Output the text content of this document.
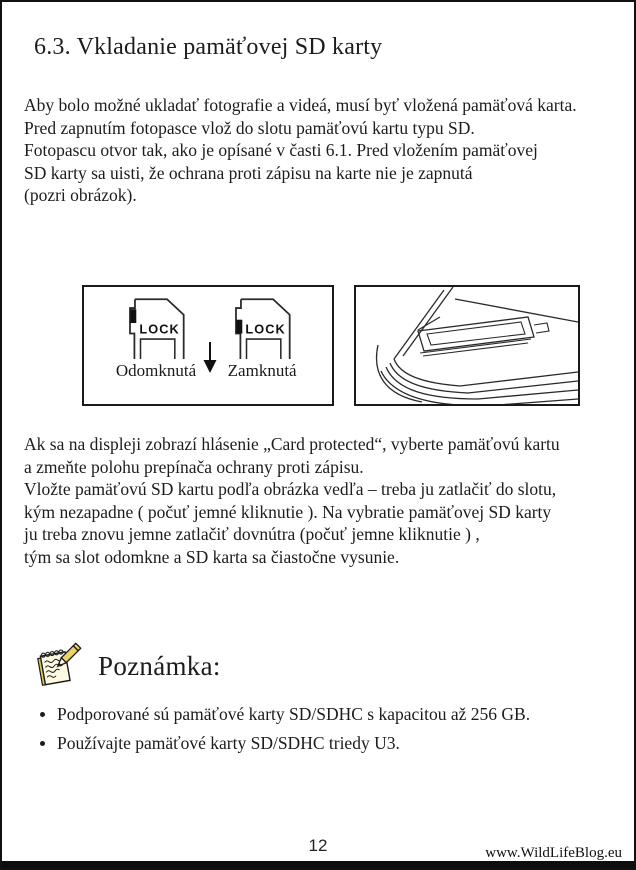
6.3. Vkladanie pamäťovej SD karty
Aby bolo možné ukladať fotografie a videá, musí byť vložená pamäťová karta.
Pred zapnutím fotopasce vlož do slotu pamäťovú kartu typu SD.
Fotopascu otvor tak, ako je opísané v časti 6.1. Pred vložením pamäťovej
SD karty sa uisti, že ochrana proti zápisu na karte nie je zapnutá
(pozri obrázok).
LOCK
Odomknutá
LOCK
Zamknutá
Ak sa na displeji zobrazí hlásenie „Card protected“, vyberte pamäťovú kartu
a zmeňte polohu prepínača ochrany proti zápisu.
Vložte pamäťovú SD kartu podľa obrázka vedľa – treba ju zatlačiť do slotu,
kým nezapadne ( počuť jemné kliknutie ). Na vybratie pamäťovej SD karty
ju treba znovu jemne zatlačiť dovnútra (počuť jemne kliknutie ) ,
tým sa slot odomkne a SD karta sa čiastočne vysunie.
Poznámka:
Podporované sú pamäťové karty SD/SDHC s kapacitou až 256 GB.
Používajte pamäťové karty SD/SDHC triedy U3.
12	www.WildLifeBlog.eu
